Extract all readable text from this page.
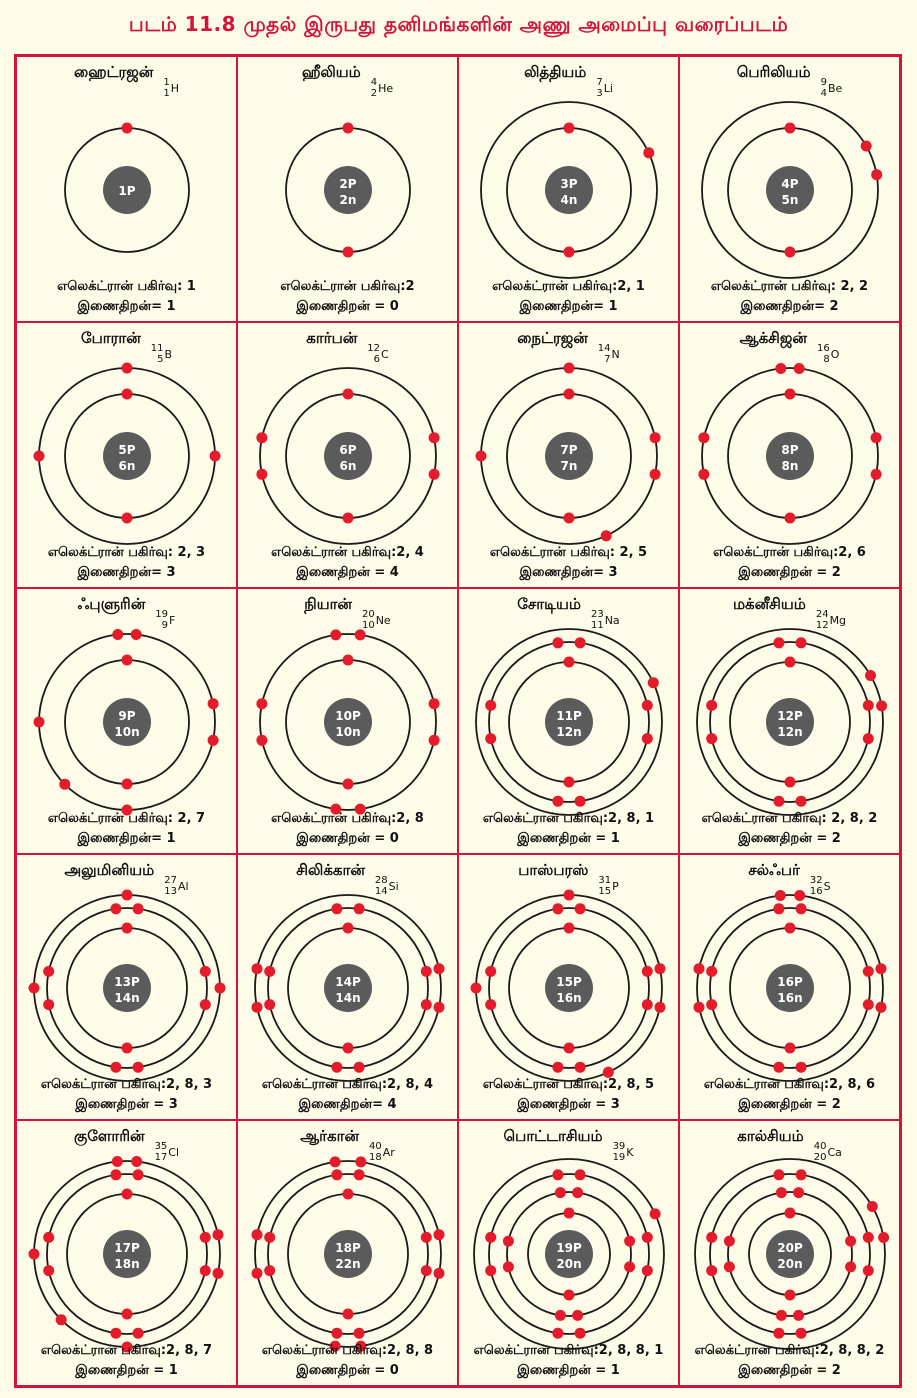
படம் 11.8 முதல் இருபது தனிமங்களின் அணு அமைப்பு வரைப்படம்
ஹைட்ரஜன்
1
1 H
1P
எலெக்ட்ரான் பகிர்வு: 1
இணைதிறன்= 1
ஹீலியம்
4
2 He
2P
2n
எலெக்ட்ரான் பகிர்வு:2
இணைதிறன் = 0
லித்தியம்
7
3 Li
3P
4n
எலெக்ட்ரான் பகிர்வு:2, 1
இணைதிறன்= 1
பெரிலியம்
9
4 Be
4P
5n
எலெக்ட்ரான் பகிர்வு: 2, 2
இணைதிறன்= 2
போரான்
11
5 B
5P
6n
எலெக்ட்ரான் பகிர்வு: 2, 3
இணைதிறன்= 3
கார்பன்
12
6 C
6P
6n
எலெக்ட்ரான் பகிர்வு:2, 4
இணைதிறன் = 4
நைட்ரஜன்
14
7 N
7P
7n
எலெக்ட்ரான் பகிர்வு: 2, 5
இணைதிறன்= 3
ஆக்சிஜன்
16
8 O
8P
8n
எலெக்ட்ரான் பகிர்வு:2, 6
இணைதிறன் = 2
ஃபுளுரின்
19
9 F
9P
10n
எலெக்ட்ரான் பகிர்வு: 2, 7
இணைதிறன்= 1
நியான்
20
10 Ne
10P
10n
எலெக்ட்ரான் பகிர்வு:2, 8
இணைதிறன் = 0
சோடியம்
23
11 Na
11P
12n
எலெக்ட்ரான் பகிர்வு:2, 8, 1
இணைதிறன் = 1
மக்னீசியம்
24
12 Mg
12P
12n
எலெக்ட்ரான் பகிர்வு: 2, 8, 2
இணைதிறன் = 2
அலுமினியம்
27
13 Al
13P
14n
எலெக்ட்ரான் பகிர்வு:2, 8, 3
இணைதிறன் = 3
சிலிக்கான்
28
14 Si
14P
14n
எலெக்ட்ரான் பகிர்வு:2, 8, 4
இணைதிறன்= 4
பாஸ்பரஸ்
31
15 P
15P
16n
எலெக்ட்ரான் பகிர்வு:2, 8, 5
இணைதிறன் = 3
சல்ஃபர்
32
16 S
16P
16n
எலெக்ட்ரான் பகிர்வு:2, 8, 6
இணைதிறன் = 2
குளோரின்
35
17 Cl
17P
18n
எலெக்ட்ரான் பகிர்வு:2, 8, 7
இணைதிறன் = 1
ஆர்கான்
40
18 Ar
18P
22n
எலெக்ட்ரான் பகிர்வு:2, 8, 8
இணைதிறன் = 0
பொட்டாசியம்
39
19 K
19P
20n
எலெக்ட்ரான் பகிர்வு:2, 8, 8, 1
இணைதிறன் = 1
கால்சியம்
40
20 Ca
20P
20n
எலெக்ட்ரான் பகிர்வு:2, 8, 8, 2
இணைதிறன் = 2
